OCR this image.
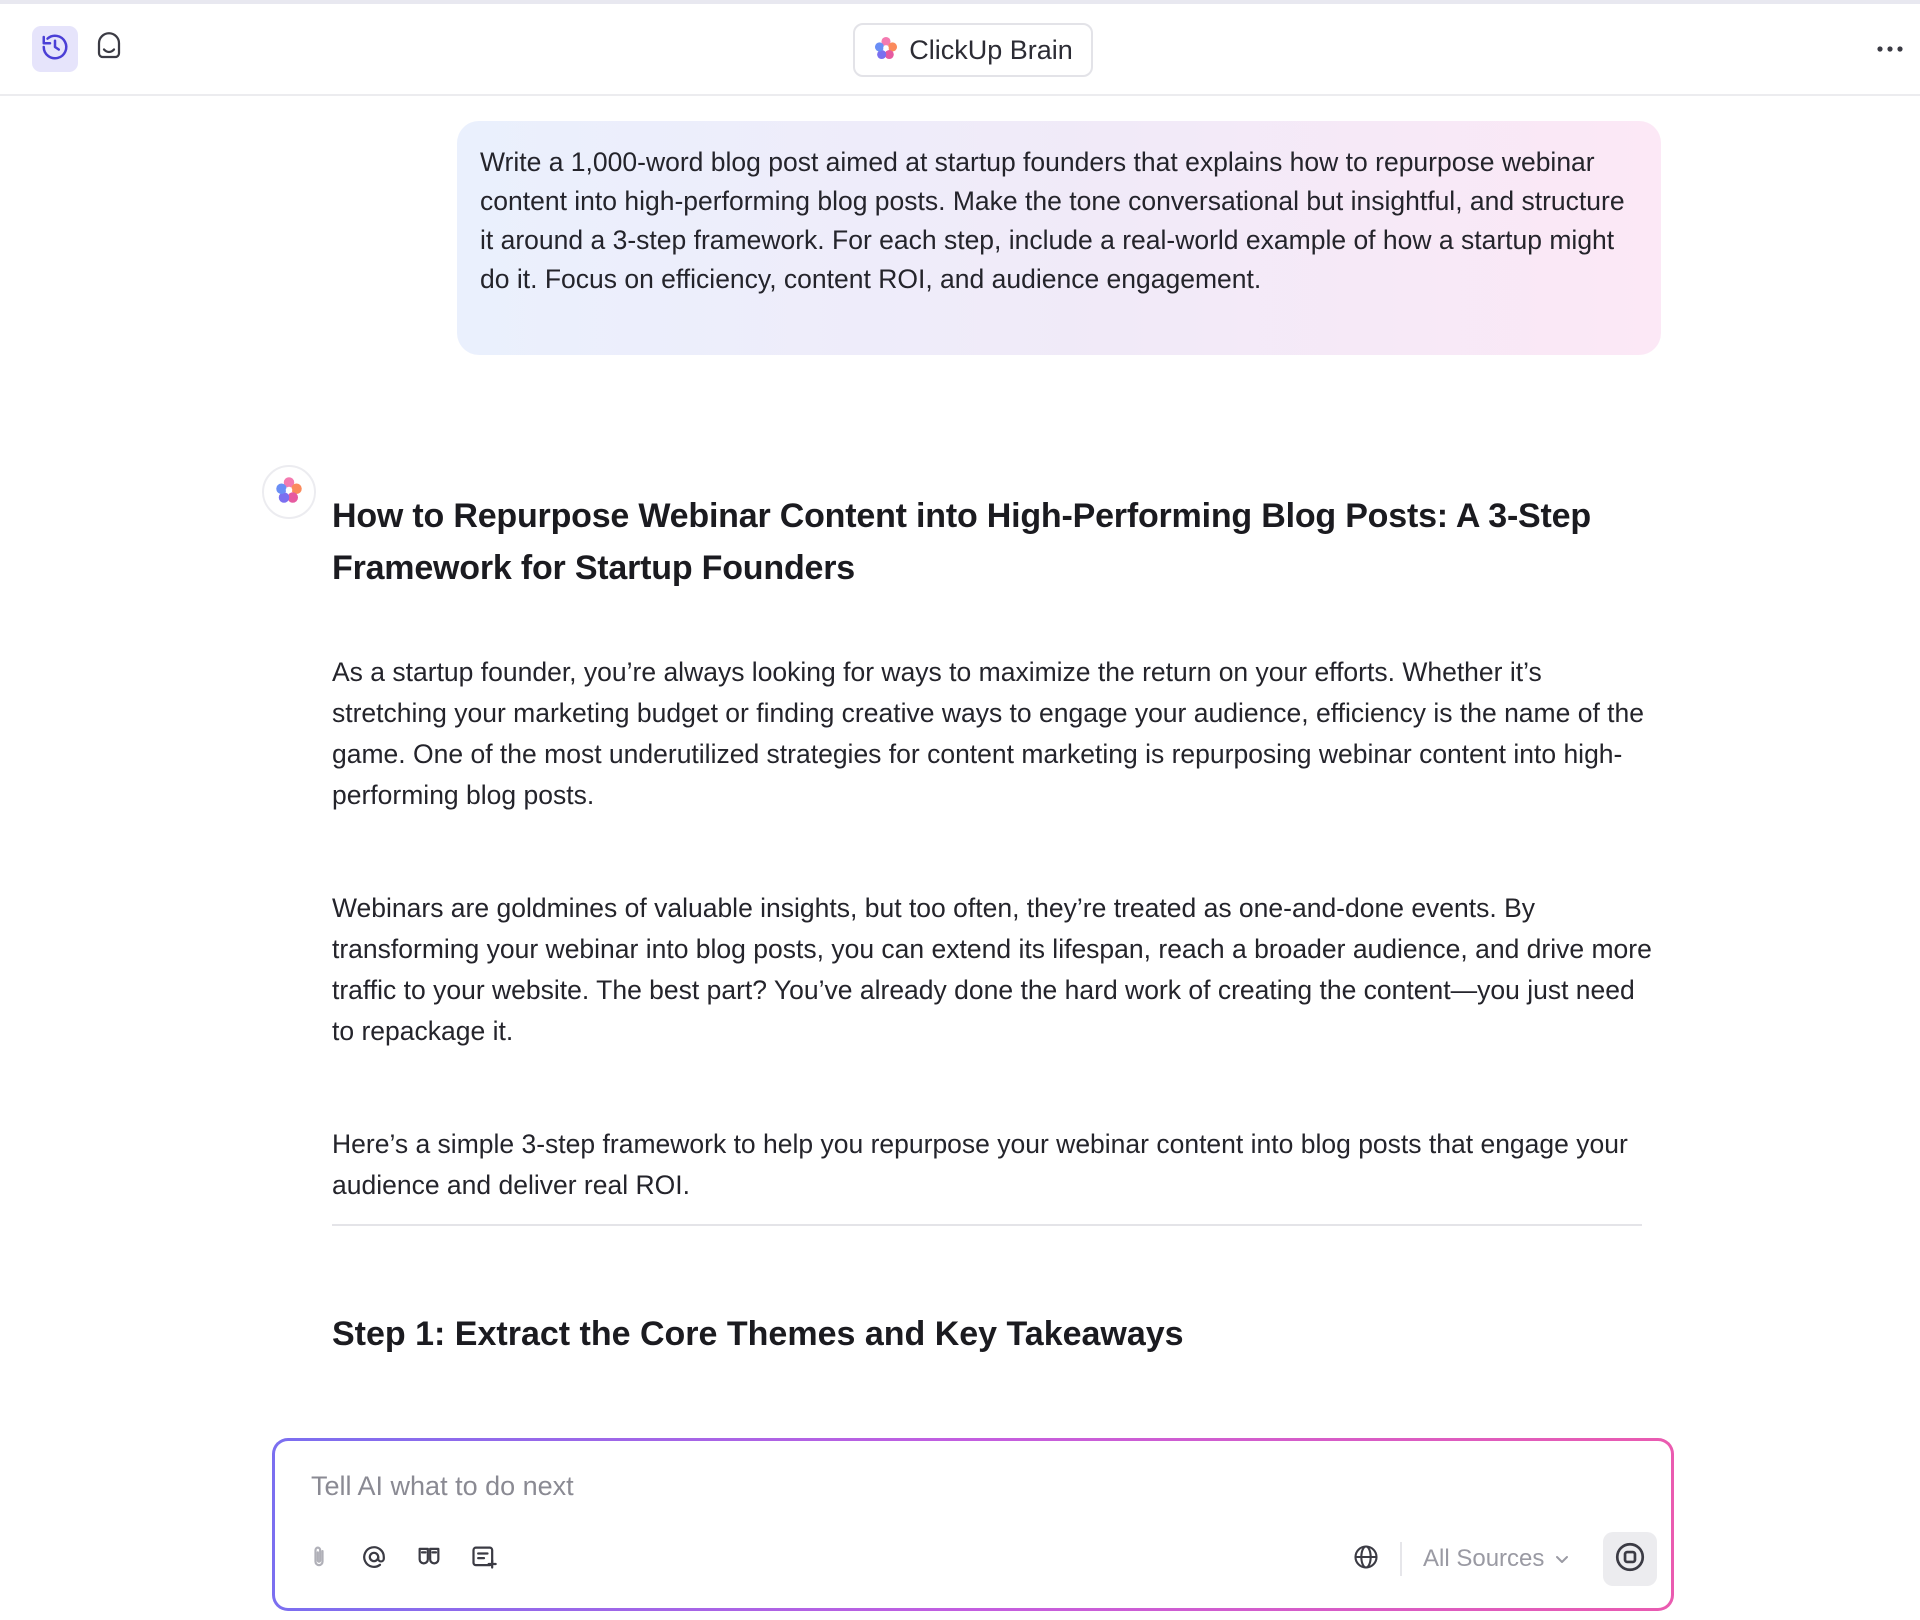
ClickUp Brain
Write a 1,000-word blog post aimed at startup founders that explains how to repurpose webinar content into high-performing blog posts. Make the tone conversational but insightful, and structure it around a 3-step framework. For each step, include a real-world example of how a startup might do it. Focus on efficiency, content ROI, and audience engagement.
How to Repurpose Webinar Content into High-Performing Blog Posts: A 3-Step Framework for Startup Founders

As a startup founder, you’re always looking for ways to maximize the return on your efforts. Whether it’s stretching your marketing budget or finding creative ways to engage your audience, efficiency is the name of the game. One of the most underutilized strategies for content marketing is repurposing webinar content into high-performing blog posts.

Webinars are goldmines of valuable insights, but too often, they’re treated as one-and-done events. By transforming your webinar into blog posts, you can extend its lifespan, reach a broader audience, and drive more traffic to your website. The best part? You’ve already done the hard work of creating the content—you just need to repackage it.

Here’s a simple 3-step framework to help you repurpose your webinar content into blog posts that engage your audience and deliver real ROI.

Step 1: Extract the Core Themes and Key Takeaways
Tell AI what to do next
All Sources
